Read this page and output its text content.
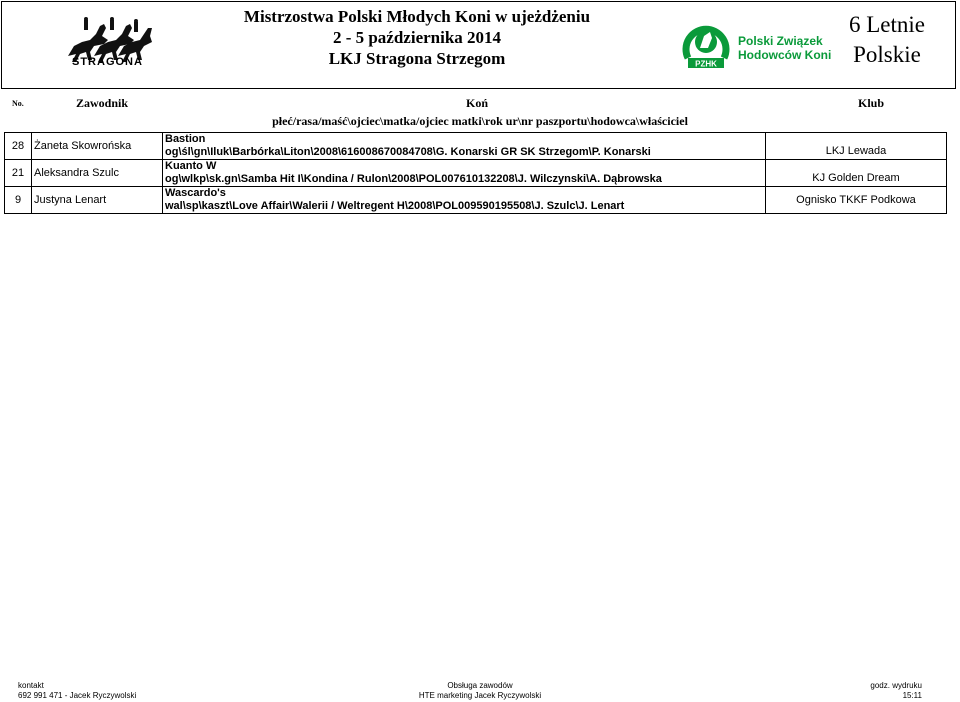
STRAGONA
Mistrzostwa Polski Młodych Koni w ujeżdżeniu
2 - 5 października 2014
LKJ Stragona Strzegom	PZHK
Polski Związek
Hodowców Koni
6 Letnie
Polskie
No.	Zawodnik	Koń	Klub
płeć/rasa/maść\ojciec\matka/ojciec matki\rok ur\nr paszportu\hodowca\właściciel
28	Żaneta Skowrońska	Bastion
og\śl\gn\Iluk\Barbórka\Liton\2008\616008670084708\G. Konarski GR SK Strzegom\P. Konarski	LKJ Lewada

21	Aleksandra Szulc	Kuanto W
og\wlkp\sk.gn\Samba Hit I\Kondina / Rulon\2008\POL007610132208\J. Wilczynski\A. Dąbrowska	KJ Golden Dream

9	Justyna Lenart	Wascardo's
wal\sp\kaszt\Love Affair\Walerii / Weltregent H\2008\POL009590195508\J. Szulc\J. Lenart	Ognisko TKKF Podkowa
kontakt
692 991 471 - Jacek Ryczywolski
Obsługa zawodów
HTE marketing Jacek Ryczywolski
godz. wydruku
15:11
